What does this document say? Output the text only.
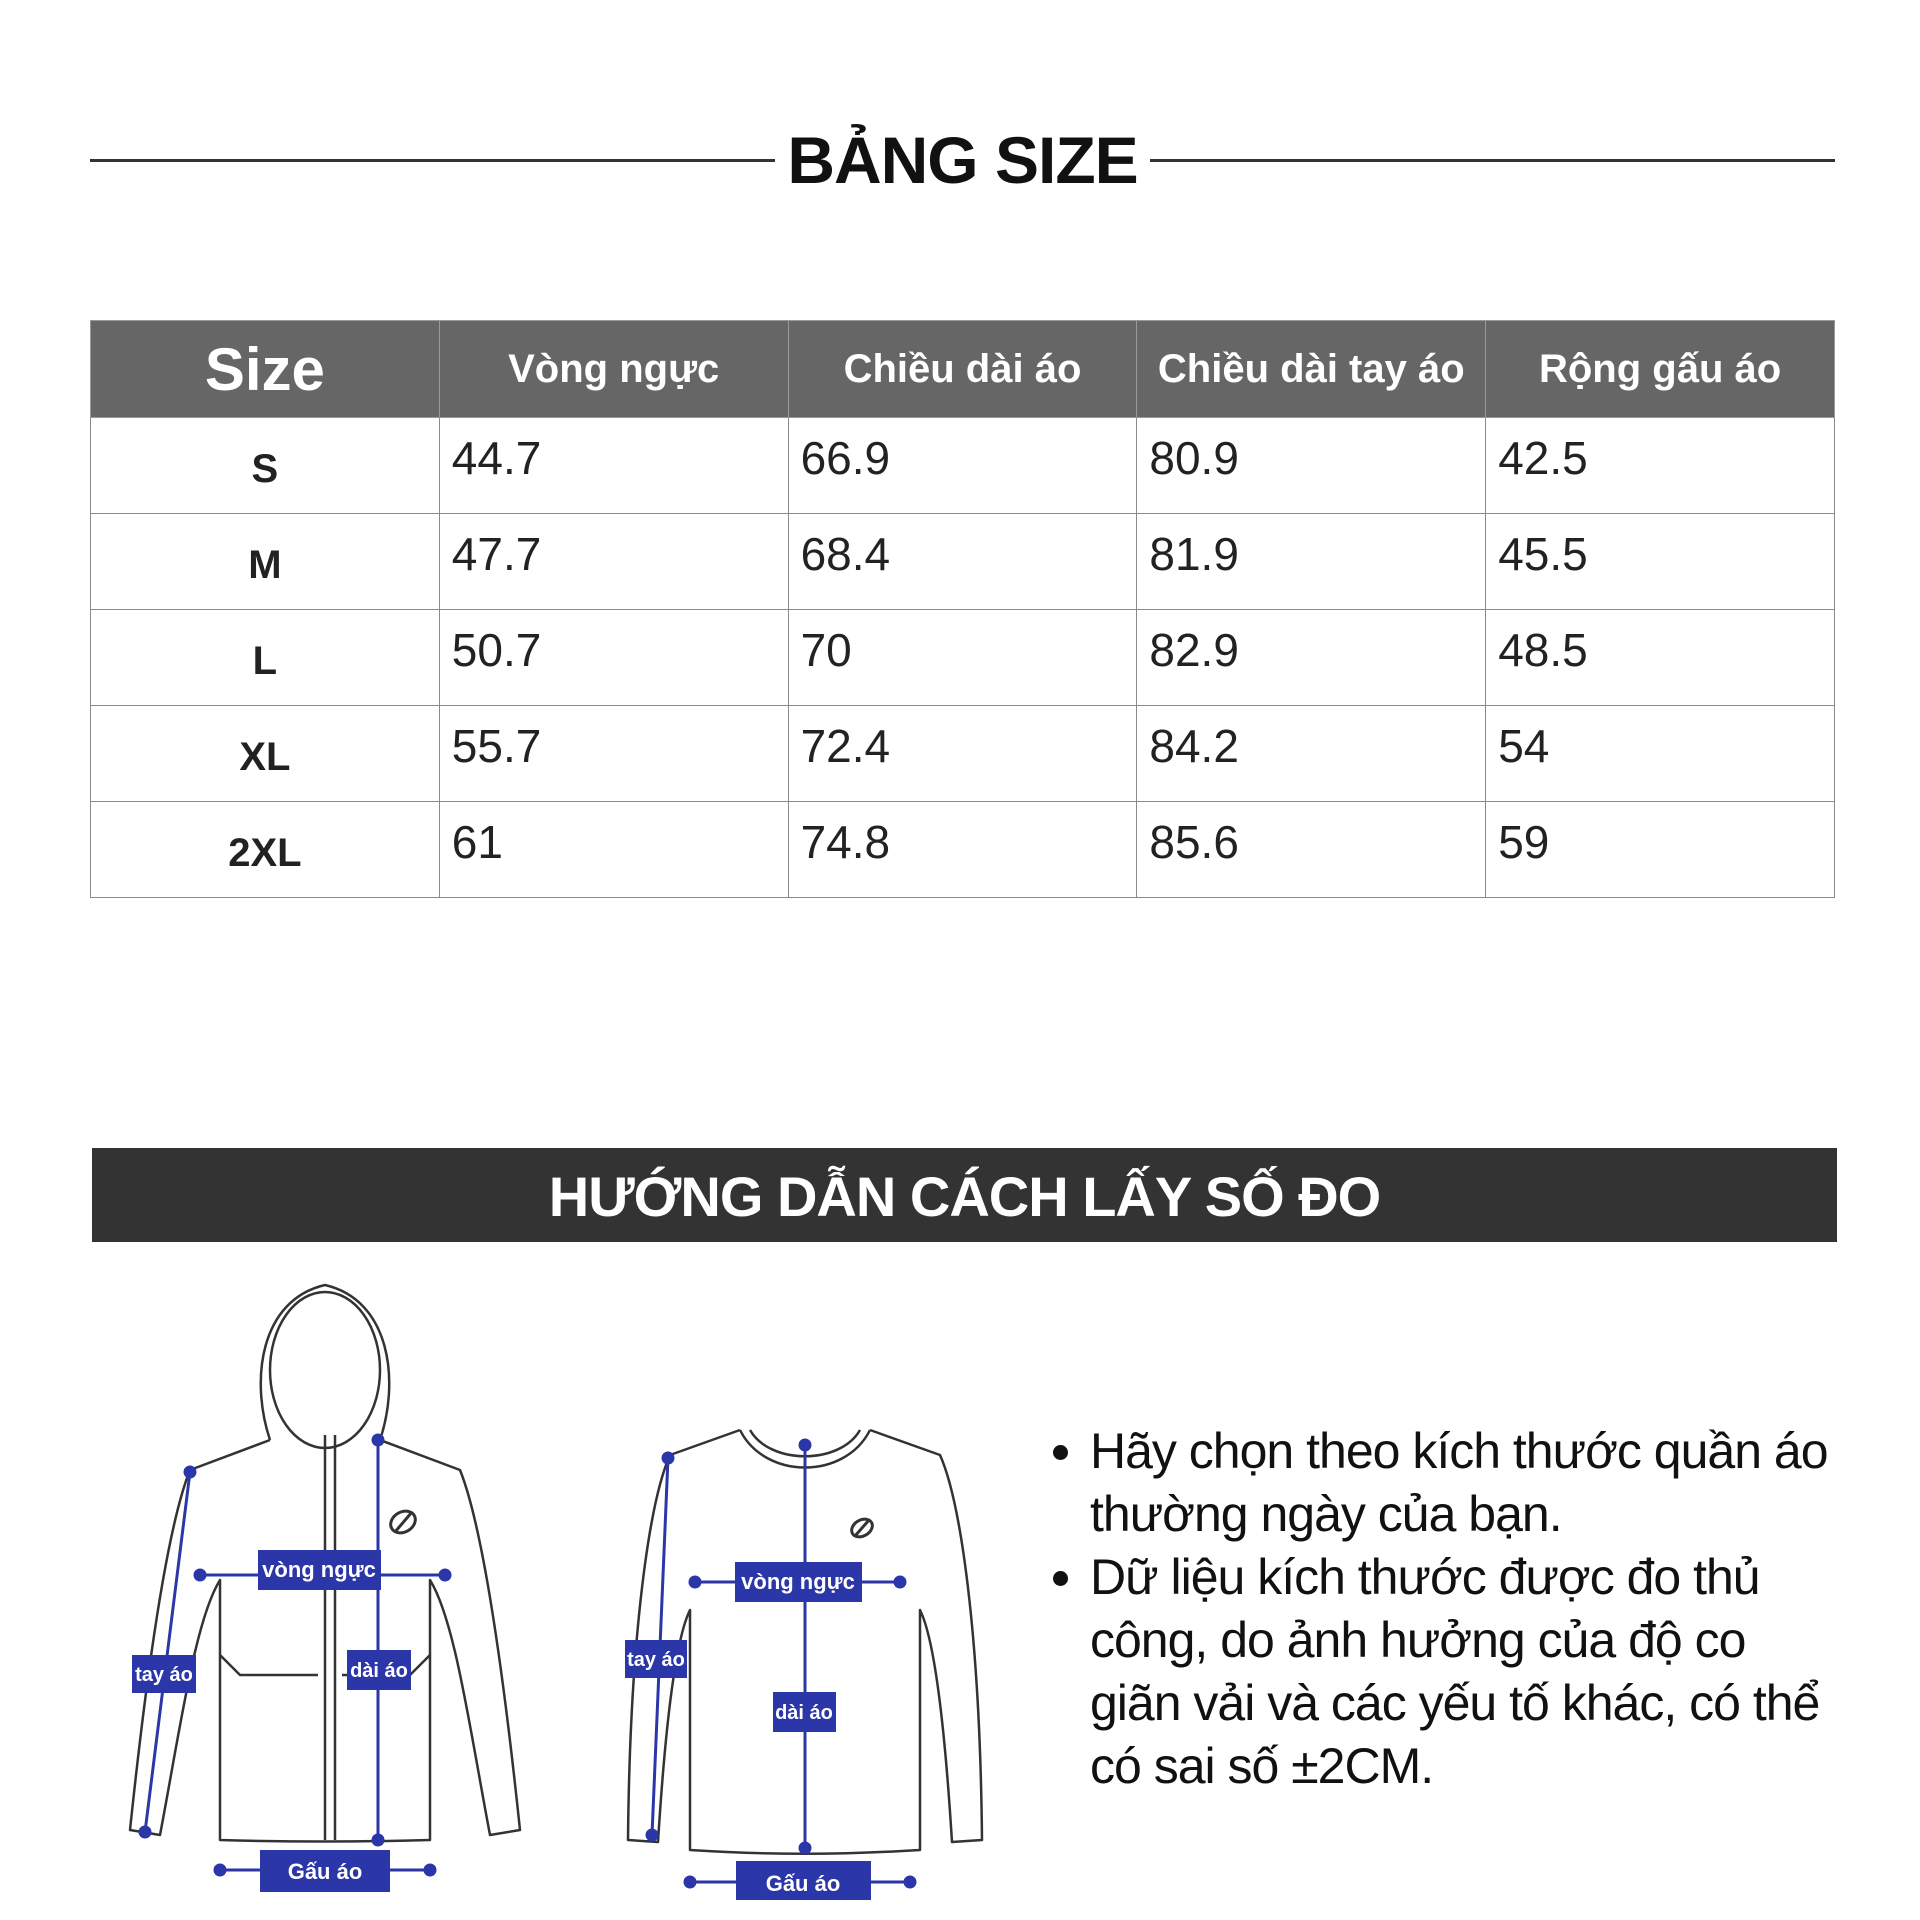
BẢNG SIZE
Size	Vòng ngực	Chiều dài áo	Chiều dài tay áo	Rộng gấu áo
S	44.7	66.9	80.9	42.5
M	47.7	68.4	81.9	45.5
L	50.7	70	82.9	48.5
XL	55.7	72.4	84.2	54
2XL	61	74.8	85.6	59
HƯỚNG DẪN CÁCH LẤY SỐ ĐO
vòng ngực
tay áo	dài áo
Gấu áo
vòng ngực
tay áo
dài áo
Gấu áo
• Hãy chọn theo kích thước quần áo thường ngày của bạn.
• Dữ liệu kích thước được đo thủ công, do ảnh hưởng của độ co giãn vải và các yếu tố khác, có thể có sai số ±2CM.
